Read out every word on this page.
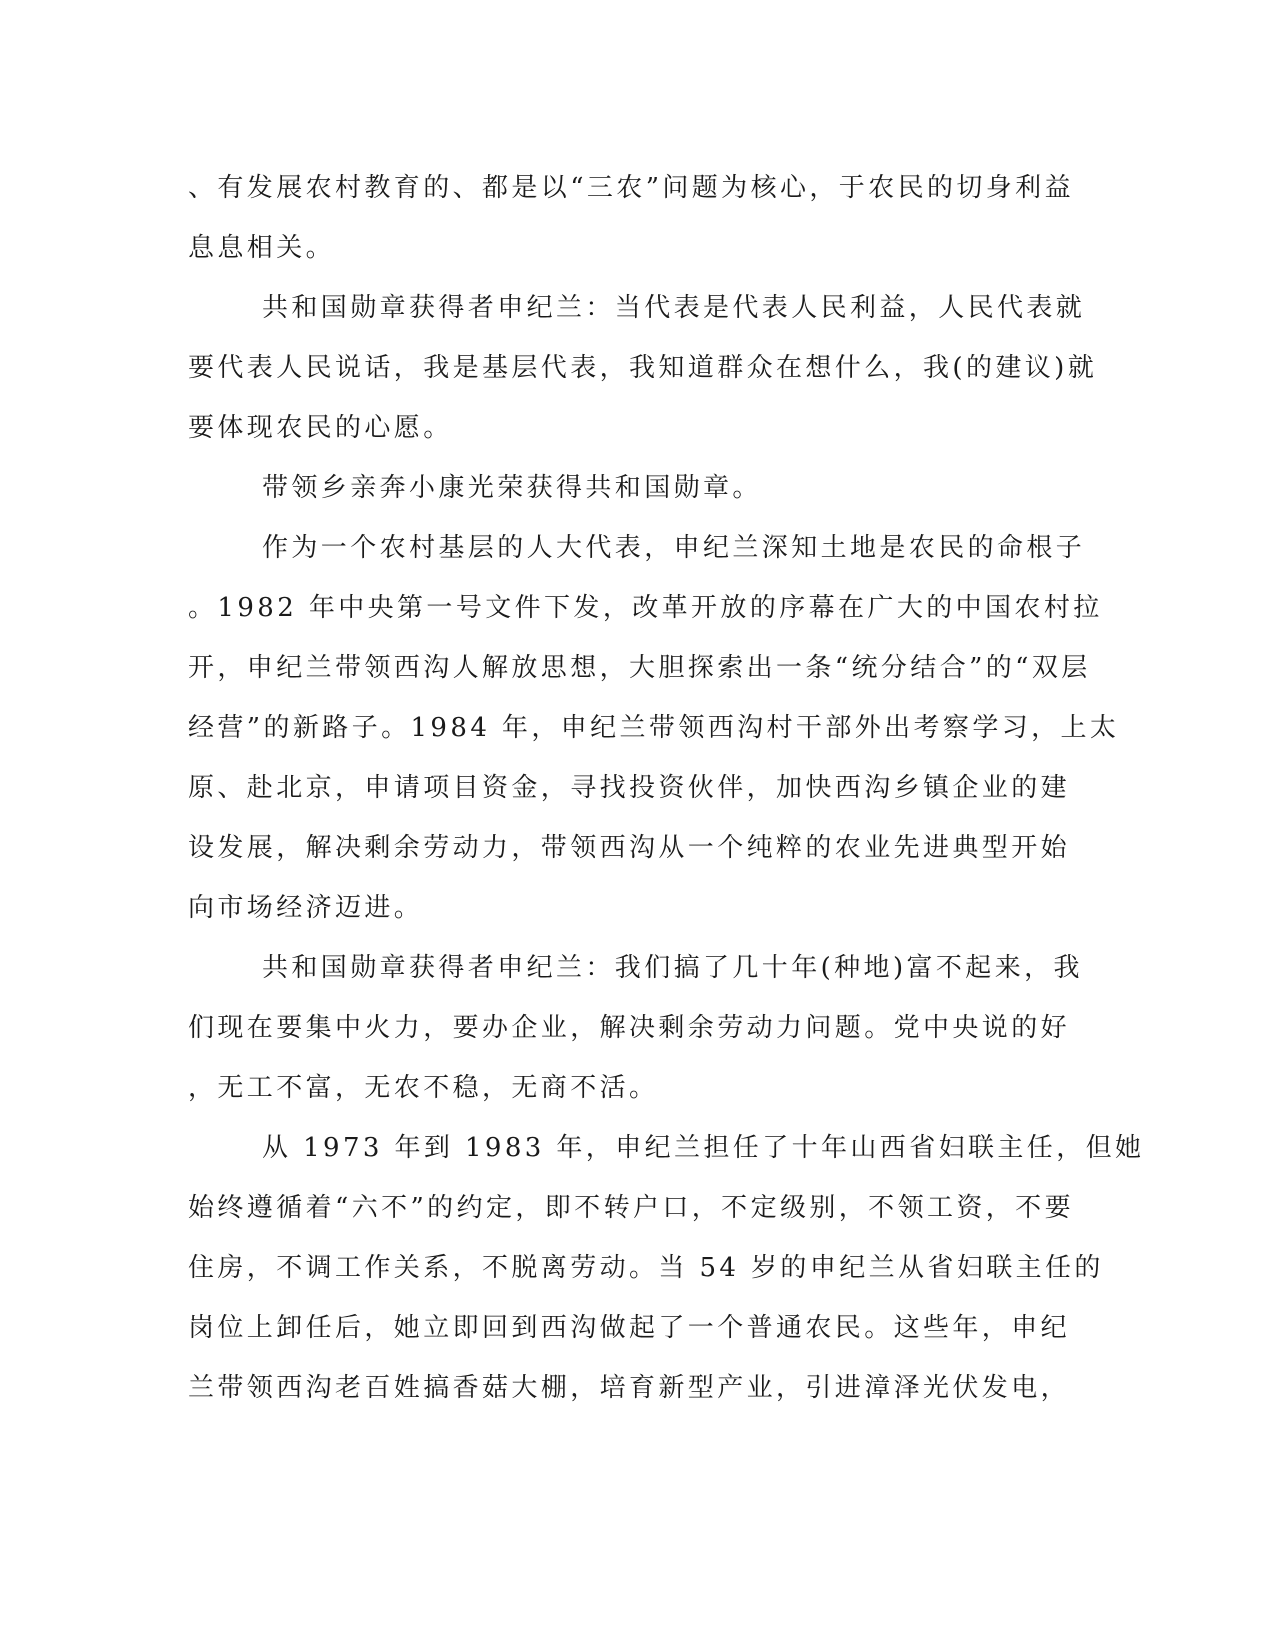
、有发展农村教育的、都是以“三农”问题为核心，于农民的切身利益
息息相关。
共和国勋章获得者申纪兰：当代表是代表人民利益，人民代表就
要代表人民说话，我是基层代表，我知道群众在想什么，我(的建议)就
要体现农民的心愿。
带领乡亲奔小康光荣获得共和国勋章。
作为一个农村基层的人大代表，申纪兰深知土地是农民的命根子
。1982 年中央第一号文件下发，改革开放的序幕在广大的中国农村拉
开，申纪兰带领西沟人解放思想，大胆探索出一条“统分结合”的“双层
经营”的新路子。1984 年，申纪兰带领西沟村干部外出考察学习，上太
原、赴北京，申请项目资金，寻找投资伙伴，加快西沟乡镇企业的建
设发展，解决剩余劳动力，带领西沟从一个纯粹的农业先进典型开始
向市场经济迈进。
共和国勋章获得者申纪兰：我们搞了几十年(种地)富不起来，我
们现在要集中火力，要办企业，解决剩余劳动力问题。党中央说的好
，无工不富，无农不稳，无商不活。
从 1973 年到 1983 年，申纪兰担任了十年山西省妇联主任，但她
始终遵循着“六不”的约定，即不转户口，不定级别，不领工资，不要
住房，不调工作关系，不脱离劳动。当 54 岁的申纪兰从省妇联主任的
岗位上卸任后，她立即回到西沟做起了一个普通农民。这些年，申纪
兰带领西沟老百姓搞香菇大棚，培育新型产业，引进漳泽光伏发电，
